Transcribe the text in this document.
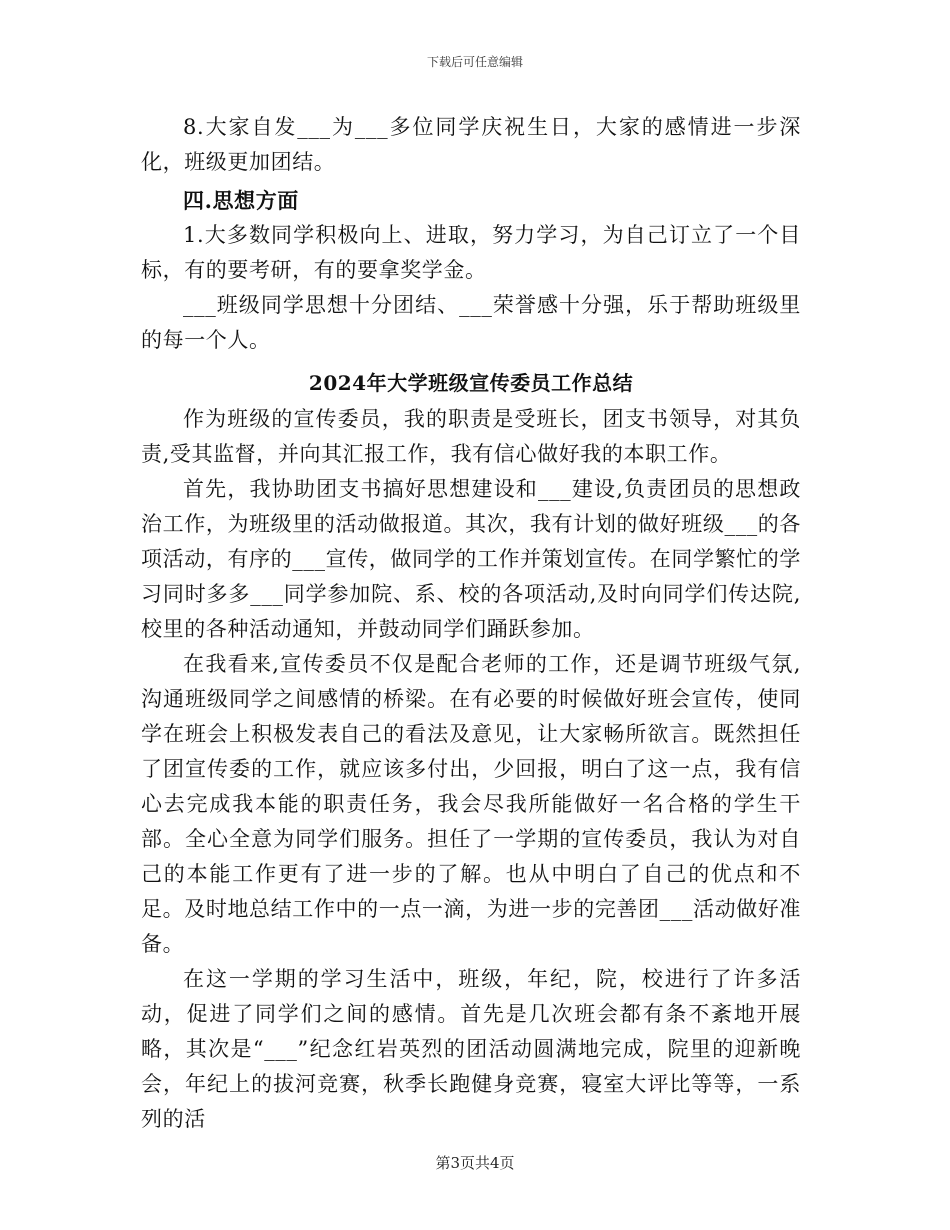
下载后可任意编辑

8.大家自发___为___多位同学庆祝生日，大家的感情进一步深化，班级更加团结。

四.思想方面

1.大多数同学积极向上、进取，努力学习，为自己订立了一个目标，有的要考研，有的要拿奖学金。

___班级同学思想十分团结、___荣誉感十分强，乐于帮助班级里的每一个人。

2024年大学班级宣传委员工作总结

作为班级的宣传委员，我的职责是受班长，团支书领导，对其负责,受其监督，并向其汇报工作，我有信心做好我的本职工作。

首先，我协助团支书搞好思想建设和___建设,负责团员的思想政治工作，为班级里的活动做报道。其次，我有计划的做好班级___的各项活动，有序的___宣传，做同学的工作并策划宣传。在同学繁忙的学习同时多多___同学参加院、系、校的各项活动,及时向同学们传达院,校里的各种活动通知，并鼓动同学们踊跃参加。

在我看来,宣传委员不仅是配合老师的工作，还是调节班级气氛,沟通班级同学之间感情的桥梁。在有必要的时候做好班会宣传，使同学在班会上积极发表自己的看法及意见，让大家畅所欲言。既然担任了团宣传委的工作，就应该多付出，少回报，明白了这一点，我有信心去完成我本能的职责任务，我会尽我所能做好一名合格的学生干部。全心全意为同学们服务。担任了一学期的宣传委员，我认为对自己的本能工作更有了进一步的了解。也从中明白了自己的优点和不足。及时地总结工作中的一点一滴，为进一步的完善团___活动做好准备。

在这一学期的学习生活中，班级，年纪，院，校进行了许多活动，促进了同学们之间的感情。首先是几次班会都有条不紊地开展略，其次是“___”纪念红岩英烈的团活动圆满地完成，院里的迎新晚会，年纪上的拔河竞赛，秋季长跑健身竞赛，寝室大评比等等，一系列的活

第3页共4页
